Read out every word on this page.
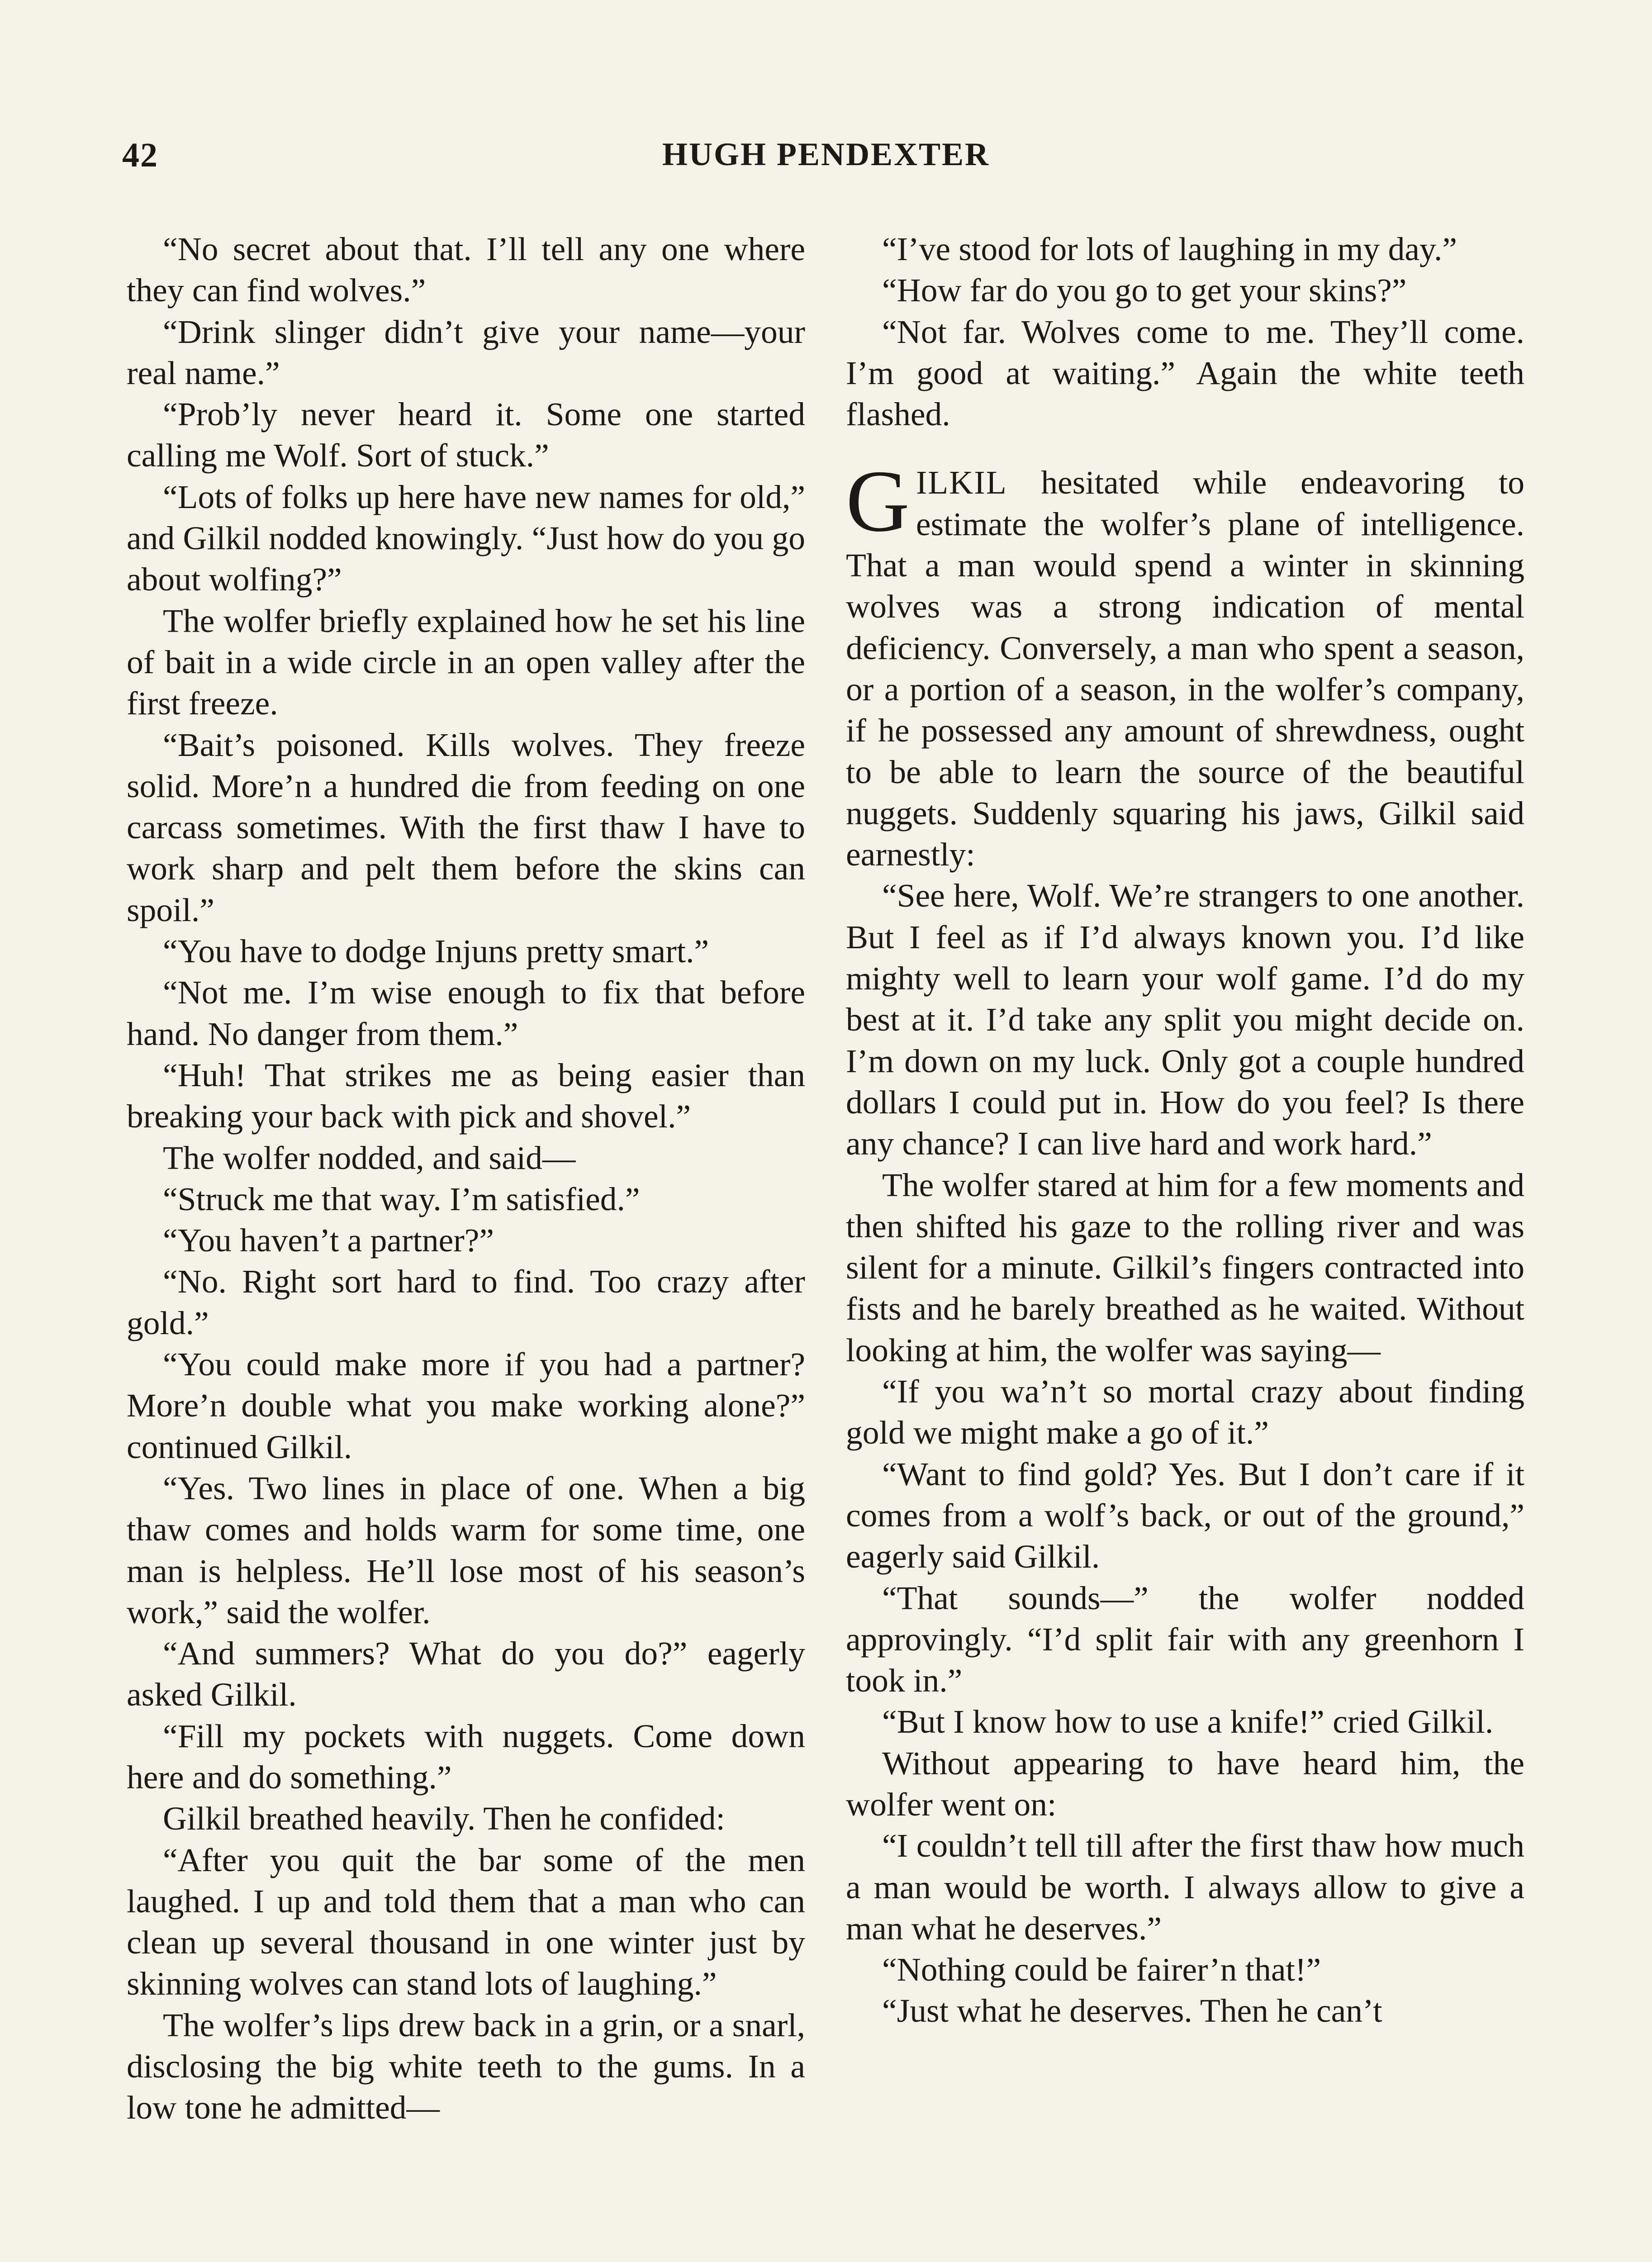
42	HUGH PENDEXTER

“No secret about that. I’ll tell any one where they can find wolves.”

“Drink slinger didn’t give your name—your real name.”

“Prob’ly never heard it. Some one started calling me Wolf. Sort of stuck.”

“Lots of folks up here have new names for old,” and Gilkil nodded knowingly. “Just how do you go about wolfing?”

The wolfer briefly explained how he set his line of bait in a wide circle in an open valley after the first freeze.

“Bait’s poisoned. Kills wolves. They freeze solid. More’n a hundred die from feeding on one carcass sometimes. With the first thaw I have to work sharp and pelt them before the skins can spoil.”

“You have to dodge Injuns pretty smart.”

“Not me. I’m wise enough to fix that before hand. No danger from them.”

“Huh! That strikes me as being easier than breaking your back with pick and shovel.”

The wolfer nodded, and said—

“Struck me that way. I’m satisfied.”

“You haven’t a partner?”

“No. Right sort hard to find. Too crazy after gold.”

“You could make more if you had a partner? More’n double what you make working alone?” continued Gilkil.

“Yes. Two lines in place of one. When a big thaw comes and holds warm for some time, one man is helpless. He’ll lose most of his season’s work,” said the wolfer.

“And summers? What do you do?” eagerly asked Gilkil.

“Fill my pockets with nuggets. Come down here and do something.”

Gilkil breathed heavily. Then he confided:

“After you quit the bar some of the men laughed. I up and told them that a man who can clean up several thousand in one winter just by skinning wolves can stand lots of laughing.”

The wolfer’s lips drew back in a grin, or a snarl, disclosing the big white teeth to the gums. In a low tone he admitted—

“I’ve stood for lots of laughing in my day.”

“How far do you go to get your skins?”

“Not far. Wolves come to me. They’ll come. I’m good at waiting.” Again the white teeth flashed.

GILKIL hesitated while endeavoring to estimate the wolfer’s plane of intelligence. That a man would spend a winter in skinning wolves was a strong indication of mental deficiency. Conversely, a man who spent a season, or a portion of a season, in the wolfer’s company, if he possessed any amount of shrewdness, ought to be able to learn the source of the beautiful nuggets. Suddenly squaring his jaws, Gilkil said earnestly:

“See here, Wolf. We’re strangers to one another. But I feel as if I’d always known you. I’d like mighty well to learn your wolf game. I’d do my best at it. I’d take any split you might decide on. I’m down on my luck. Only got a couple hundred dollars I could put in. How do you feel? Is there any chance? I can live hard and work hard.”

The wolfer stared at him for a few moments and then shifted his gaze to the rolling river and was silent for a minute. Gilkil’s fingers contracted into fists and he barely breathed as he waited. Without looking at him, the wolfer was saying—

“If you wa’n’t so mortal crazy about finding gold we might make a go of it.”

“Want to find gold? Yes. But I don’t care if it comes from a wolf’s back, or out of the ground,” eagerly said Gilkil.

“That sounds—” the wolfer nodded approvingly. “I’d split fair with any greenhorn I took in.”

“But I know how to use a knife!” cried Gilkil.

Without appearing to have heard him, the wolfer went on:

“I couldn’t tell till after the first thaw how much a man would be worth. I always allow to give a man what he deserves.”

“Nothing could be fairer’n that!”

“Just what he deserves. Then he can’t
